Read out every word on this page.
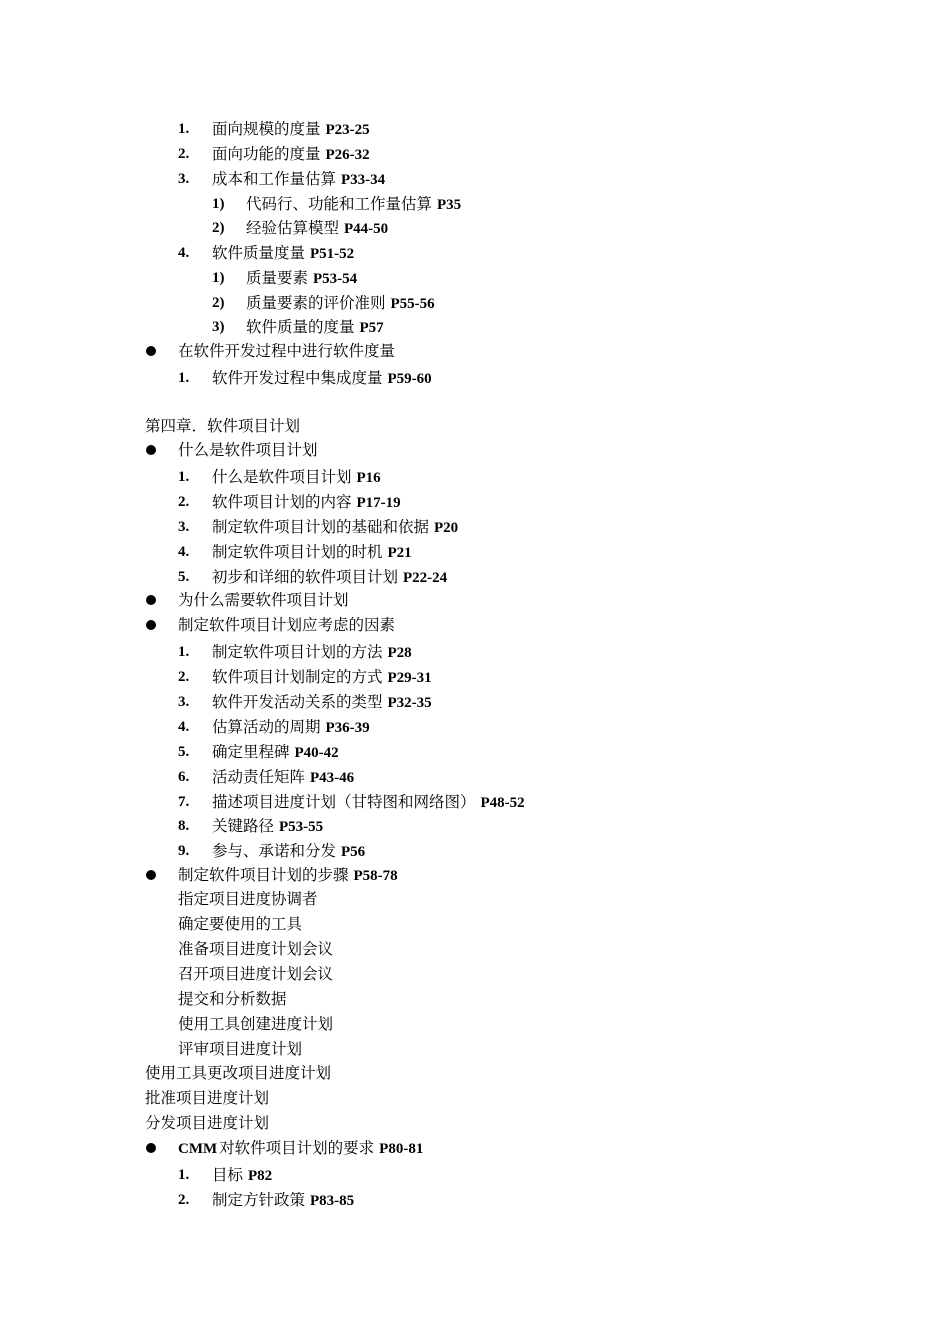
1. 面向规模的度量 P23-25
2. 面向功能的度量 P26-32
3. 成本和工作量估算 P33-34
1) 代码行、功能和工作量估算 P35
2) 经验估算模型 P44-50
4. 软件质量度量 P51-52
1) 质量要素 P53-54
2) 质量要素的评价准则 P55-56
3) 软件质量的度量 P57
在软件开发过程中进行软件度量
1. 软件开发过程中集成度量 P59-60
第四章．软件项目计划
什么是软件项目计划
1. 什么是软件项目计划 P16
2. 软件项目计划的内容 P17-19
3. 制定软件项目计划的基础和依据 P20
4. 制定软件项目计划的时机 P21
5. 初步和详细的软件项目计划 P22-24
为什么需要软件项目计划
制定软件项目计划应考虑的因素
1. 制定软件项目计划的方法 P28
2. 软件项目计划制定的方式 P29-31
3. 软件开发活动关系的类型 P32-35
4. 估算活动的周期 P36-39
5. 确定里程碑 P40-42
6. 活动责任矩阵 P43-46
7. 描述项目进度计划（甘特图和网络图） P48-52
8. 关键路径 P53-55
9. 参与、承诺和分发 P56
制定软件项目计划的步骤 P58-78
指定项目进度协调者
确定要使用的工具
准备项目进度计划会议
召开项目进度计划会议
提交和分析数据
使用工具创建进度计划
评审项目进度计划
使用工具更改项目进度计划
批准项目进度计划
分发项目进度计划
CMM 对软件项目计划的要求 P80-81
1. 目标 P82
2. 制定方针政策 P83-85
